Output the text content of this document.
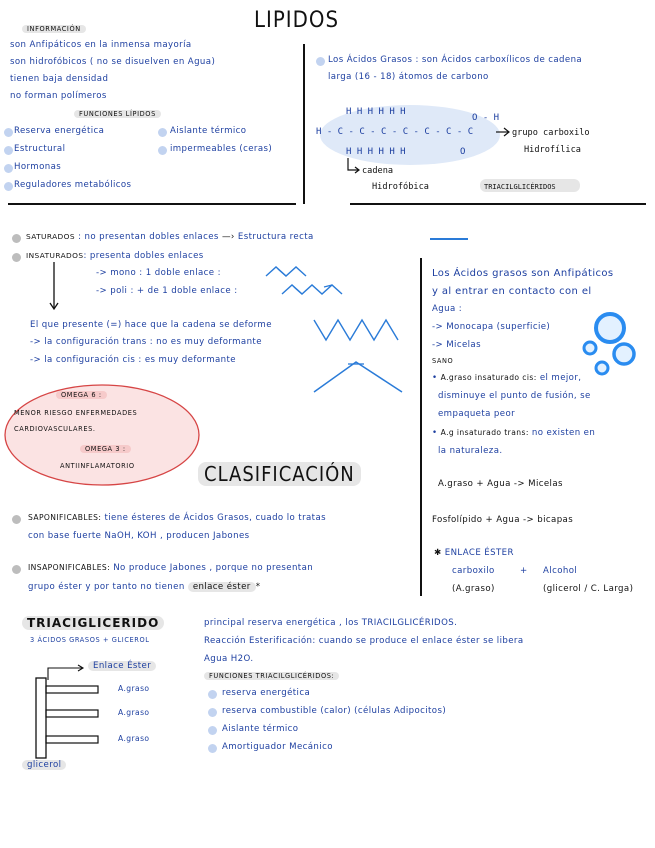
LIPIDOS
INFORMACIÓN
son Anfipáticos en la inmensa mayoría
son hidrofóbicos ( no se disuelven en Agua)
tienen baja densidad
no forman polímeros
FUNCIONES LÍPIDOS
Reserva energética
Estructural
Hormonas
Reguladores metabólicos
Aislante térmico
impermeables (ceras)
Los Ácidos Grasos : son Ácidos carboxílicos de cadena
larga (16 - 18) átomos de carbono
H H H H H H
H - C - C - C - C - C - C - C
H H H H H H
O - H
O
grupo carboxilo
Hidrofílica
cadena
Hidrofóbica	TRIACILGLICÉRIDOS
SATURADOS : no presentan dobles enlaces —› Estructura recta
INSATURADOS: presenta dobles enlaces
-> mono : 1 doble enlace :
-> poli : + de 1 doble enlace :
El que presente (=) hace que la cadena se deforme
-> la configuración trans : no es muy deformante
-> la configuración cis : es muy deformante
OMEGA 6 :
MENOR RIESGO ENFERMEDADES
CARDIOVASCULARES.
OMEGA 3 :
ANTIINFLAMATORIO
Los Ácidos grasos son Anfipáticos
y al entrar en contacto con el
Agua :
-> Monocapa (superficie)
-> Micelas
SANO
• A.graso insaturado cis: el mejor,
disminuye el punto de fusión, se
empaqueta peor
• A.g insaturado trans: no existen en
la naturaleza.
A.graso + Agua -> Micelas
Fosfolípido + Agua -> bicapas
✱ ENLACE ÉSTER
carboxilo	+ Alcohol
(A.graso)	(glicerol / C. Larga)
CLASIFICACIÓN
SAPONIFICABLES: tiene ésteres de Ácidos Grasos, cuado lo tratas
con base fuerte NaOH, KOH , producen Jabones
INSAPONIFICABLES: No produce Jabones , porque no presentan
grupo éster y por tanto no tienen enlace éster *
TRIACIGLICERIDO
3 ÁCIDOS GRASOS + GLICEROL
Enlace Éster
A.graso
A.graso
A.graso
glicerol
principal reserva energética , los TRIACILGLICÉRIDOS.
Reacción Esterificación: cuando se produce el enlace éster se libera
Agua H2O.
FUNCIONES TRIACILGLICÉRIDOS:
reserva energética
reserva combustible (calor) (células Adipocitos)
Aislante térmico
Amortiguador Mecánico
